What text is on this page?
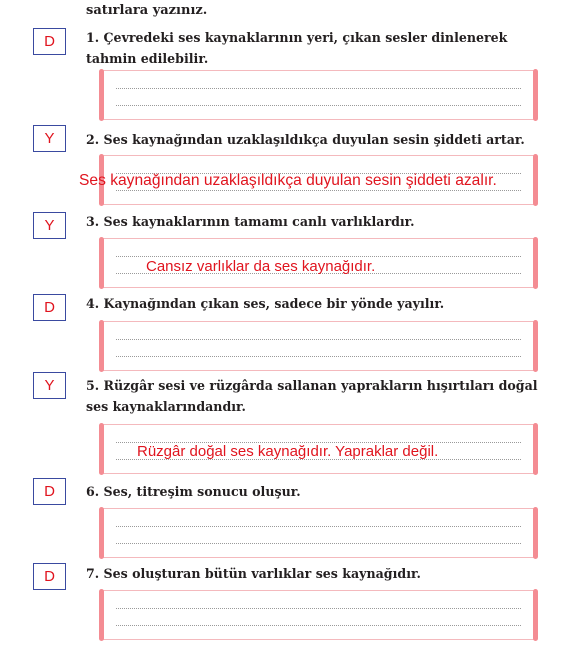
satırlara yazınız.
D	1. Çevredeki ses kaynaklarının yeri, çıkan sesler dinlenerek tahmin edilebilir.
Y	2. Ses kaynağından uzaklaşıldıkça duyulan sesin şiddeti artar.
Ses kaynağından uzaklaşıldıkça duyulan sesin şiddeti azalır.
Y	3. Ses kaynaklarının tamamı canlı varlıklardır.
Cansız varlıklar da ses kaynağıdır.
D	4. Kaynağından çıkan ses, sadece bir yönde yayılır.
Y	5. Rüzgâr sesi ve rüzgârda sallanan yaprakların hışırtıları doğal ses kaynaklarındandır.
Rüzgâr doğal ses kaynağıdır. Yapraklar değil.
D	6. Ses, titreşim sonucu oluşur.
D	7. Ses oluşturan bütün varlıklar ses kaynağıdır.
